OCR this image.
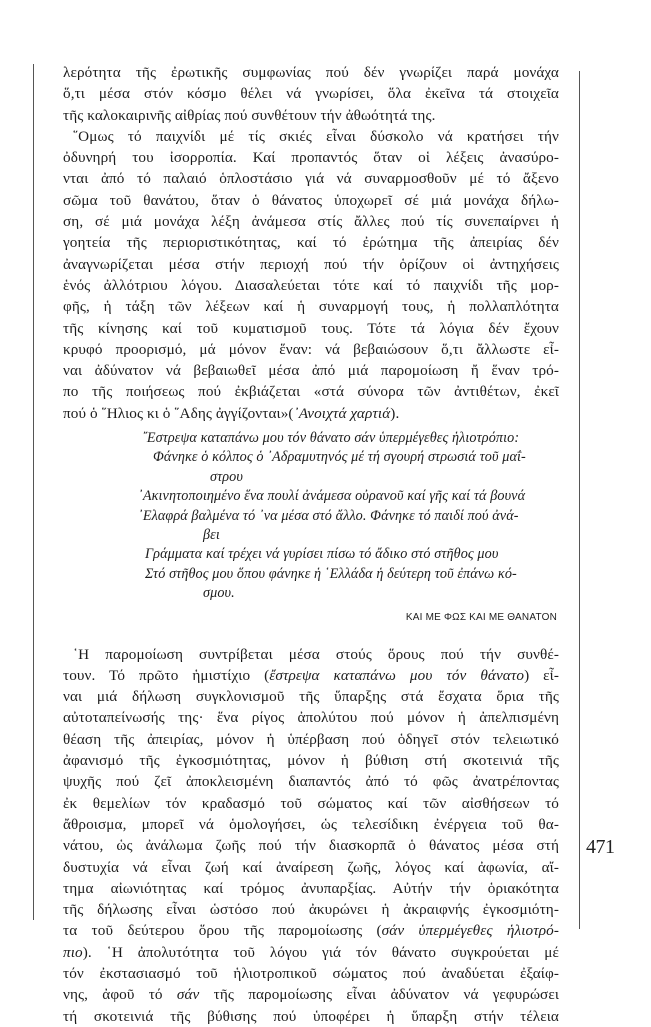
λερότητα τῆς ἐρωτικῆς συμφωνίας πού δέν γνωρίζει παρά μονάχα
ὅ,τι μέσα στόν κόσμο θέλει νά γνωρίσει, ὅλα ἐκεῖνα τά στοιχεῖα
τῆς καλοκαιρινῆς αἰθρίας πού συνθέτουν τήν ἀθωότητά της.
῞Ομως τό παιχνίδι μέ τίς σκιές εἶναι δύσκολο νά κρατήσει τήν
ὀδυνηρή του ἰσορροπία. Καί προπαντός ὅταν οἱ λέξεις ἀνασύρο-
νται ἀπό τό παλαιό ὁπλοστάσιο γιά νά συναρμοσθοῦν μέ τό ἄξενο
σῶμα τοῦ θανάτου, ὅταν ὁ θάνατος ὑποχωρεῖ σέ μιά μονάχα δήλω-
ση, σέ μιά μονάχα λέξη ἀνάμεσα στίς ἄλλες πού τίς συνεπαίρνει ἡ
γοητεία τῆς περιοριστικότητας, καί τό ἐρώτημα τῆς ἀπειρίας δέν
ἀναγνωρίζεται μέσα στήν περιοχή πού τήν ὁρίζουν οἱ ἀντηχήσεις
ἑνός ἀλλότριου λόγου. Διασαλεύεται τότε καί τό παιχνίδι τῆς μορ-
φῆς, ἡ τάξη τῶν λέξεων καί ἡ συναρμογή τους, ἡ πολλαπλότητα
τῆς κίνησης καί τοῦ κυματισμοῦ τους. Τότε τά λόγια δέν ἔχουν
κρυφό προορισμό, μά μόνον ἕναν: νά βεβαιώσουν ὅ,τι ἄλλωστε εἶ-
ναι ἀδύνατον νά βεβαιωθεῖ μέσα ἀπό μιά παρομοίωση ἤ ἕναν τρό-
πο τῆς ποιήσεως πού ἐκβιάζεται «στά σύνορα τῶν ἀντιθέτων, ἐκεῖ
πού ὁ ῞Ηλιος κι ὁ ῞Αδης ἀγγίζονται»(᾿Ανοιχτά χαρτιά).
῎Εστρεψα καταπάνω μου τόν θάνατο σάν ὑπερμέγεθες ἡλιοτρόπιο:
Φάνηκε ὁ κόλπος ὁ ᾿Αδραμυτηνός μέ τή σγουρή στρωσιά τοῦ μαΐ-
στρου
᾿Ακινητοποιημένο ἕνα πουλί ἀνάμεσα οὐρανοῦ καί γῆς καί τά βουνά
᾿Ελαφρά βαλμένα τό ᾿να μέσα στό ἄλλο. Φάνηκε τό παιδί πού ἀνά-
βει
Γράμματα καί τρέχει νά γυρίσει πίσω τό ἄδικο στό στῆθος μου
Στό στῆθος μου ὅπου φάνηκε ἡ ῾Ελλάδα ἡ δεύτερη τοῦ ἐπάνω κό-
σμου.
ΚΑΙ ΜΕ ΦΩΣ ΚΑΙ ΜΕ ΘΑΝΑΤΟΝ
῾Η παρομοίωση συντρίβεται μέσα στούς ὅρους πού τήν συνθέ-
τουν. Τό πρῶτο ἡμιστίχιο (ἔστρεψα καταπάνω μου τόν θάνατο) εἶ-
ναι μιά δήλωση συγκλονισμοῦ τῆς ὕπαρξης στά ἔσχατα ὅρια τῆς
αὐτοταπείνωσής της· ἕνα ρίγος ἀπολύτου πού μόνον ἡ ἀπελπισμένη
θέαση τῆς ἀπειρίας, μόνον ἡ ὑπέρβαση πού ὁδηγεῖ στόν τελειωτικό
ἀφανισμό τῆς ἐγκοσμιότητας, μόνον ἡ βύθιση στή σκοτεινιά τῆς
ψυχῆς πού ζεῖ ἀποκλεισμένη διαπαντός ἀπό τό φῶς ἀνατρέποντας
ἐκ θεμελίων τόν κραδασμό τοῦ σώματος καί τῶν αἰσθήσεων τό
ἄθροισμα, μπορεῖ νά ὁμολογήσει, ὡς τελεσίδικη ἐνέργεια τοῦ θα-
νάτου, ὡς ἀνάλωμα ζωῆς πού τήν διασκορπᾶ ὁ θάνατος μέσα στή
δυστυχία νά εἶναι ζωή καί ἀναίρεση ζωῆς, λόγος καί ἀφωνία, αἴ-
τημα αἰωνιότητας καί τρόμος ἀνυπαρξίας. Αὐτήν τήν ὁριακότητα
τῆς δήλωσης εἶναι ὡστόσο πού ἀκυρώνει ἡ ἀκραιφνής ἐγκοσμιότη-
τα τοῦ δεύτερου ὅρου τῆς παρομοίωσης (σάν ὑπερμέγεθες ἡλιοτρό-
πιο). ῾Η ἀπολυτότητα τοῦ λόγου γιά τόν θάνατο συγκρούεται μέ
τόν ἐκστασιασμό τοῦ ἡλιοτροπικοῦ σώματος πού ἀναδύεται ἐξαίφ-
νης, ἀφοῦ τό σάν τῆς παρομοίωσης εἶναι ἀδύνατον νά γεφυρώσει
τή σκοτεινιά τῆς βύθισης πού ὑποφέρει ἡ ὕπαρξη στήν τέλεια
471
